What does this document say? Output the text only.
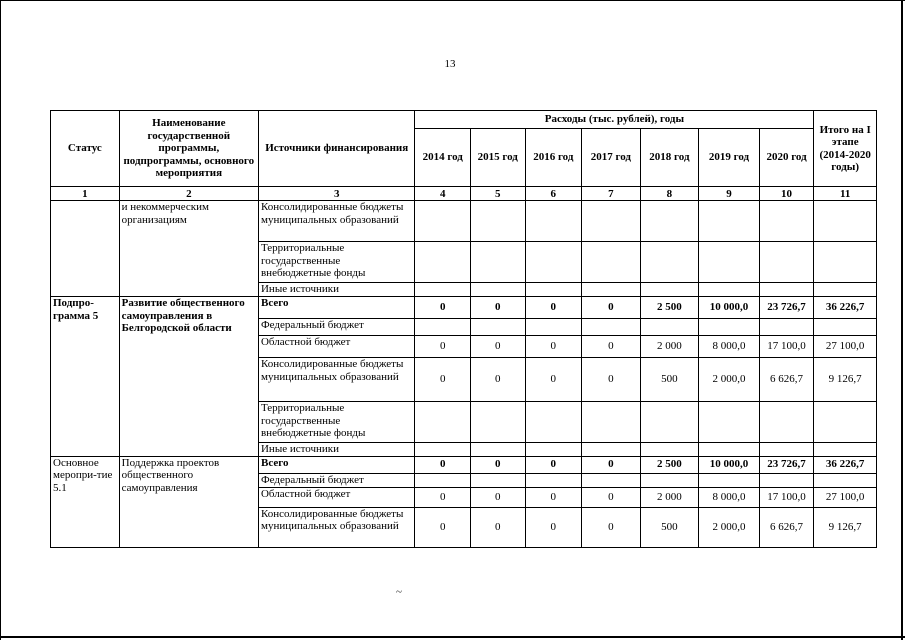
13
Статус	Наименование государственной программы, подпрограммы, основного мероприятия	Источники финансирования	Расходы (тыс. рублей), годы							Итого на I этапе (2014-2020 годы)
			2014 год	2015 год	2016 год	2017 год	2018 год	2019 год	2020 год	
1	2	3	4	5	6	7	8	9	10	11
	и некоммерческим организациям	Консолидированные бюджеты муниципальных образований								
		Территориальные государственные внебюджетные фонды								
		Иные источники								
Подпро-грамма 5	Развитие общественного самоуправления в Белгородской области	Всего	0	0	0	0	2 500	10 000,0	23 726,7	36 226,7
		Федеральный бюджет								
		Областной бюджет	0	0	0	0	2 000	8 000,0	17 100,0	27 100,0
		Консолидированные бюджеты муниципальных образований	0	0	0	0	500	2 000,0	6 626,7	9 126,7
		Территориальные государственные внебюджетные фонды								
		Иные источники								
Основное меропри-тие 5.1	Поддержка проектов общественного самоуправления	Всего	0	0	0	0	2 500	10 000,0	23 726,7	36 226,7
		Федеральный бюджет								
		Областной бюджет	0	0	0	0	2 000	8 000,0	17 100,0	27 100,0
		Консолидированные бюджеты муниципальных образований	0	0	0	0	500	2 000,0	6 626,7	9 126,7
~
